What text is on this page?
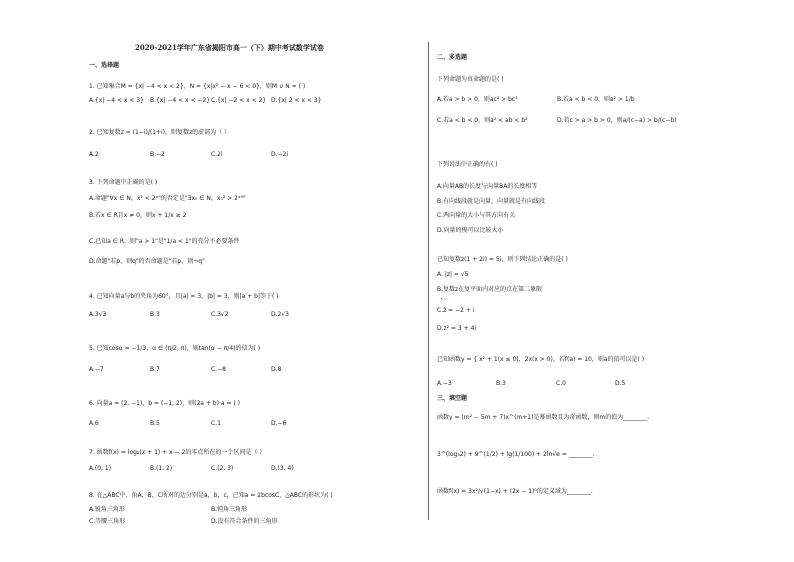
2020-2021学年广东省揭阳市高一（下）期中考试数学试卷
一、选择题
1. 已知集合M = {x| −4 < x < 2}，N = {x|x² − x − 6 < 0}，则M ∪ N = ( )
A.{x| −4 < x < 3} B.{x| −4 < x < −2} C.{x| −2 < x < 2} D.{x| 2 < x < 3}
2. 已知复数z = (1−i)/(1+i)，则复数z的虚部为（ ）
A.2	B.−2	C.2i	D.−2i
3. 下列命题中正确的是( )
A.命题"∀x ∈ N，x² < 2ˣ"的否定是"∃x₀ ∈ N，x₀² > 2ˣ⁰"
B.若x ∈ R且x ≠ 0，则x + 1/x ≥ 2
C.已知a ∈ R，则"a > 1"是"1/a < 1"的充分不必要条件
D.命题"若p，则q"的否命题是"若p，则¬q"
4. 已知向量a与b的夹角为60°，且|a| = 3，|b| = 3，则|a + b|等于( )
A.3√3	B.3	C.3√2	D.2√3
5. 已知cosα = −1/3，α ∈ (π/2, π)，则tan(α − π/4)的值为( )
A.−7	B.7	C.−8	D.8
6. 向量a = (2, −1)，b = (−1, 2)，则(2a + b)·a = ( )
A.6	B.5	C.1	D.−6
7. 函数f(x) = log₂(x + 1) + x − 2的零点所在的一个区间是（ ）
A.(0, 1)	B.(1, 2)	C.(2, 3)	D.(3, 4)
8. 在△ABC中，角A，B，C所对的边分别是a，b，c，已知a = 2bcosC，△ABC的形状为( )
A.锐角三角形	B.钝角三角形
C.等腰三角形	D.没有符合条件的三角形
二、多选题
下列命题为真命题的是( )
A.若a > b > 0，则ac² > bc²	B.若a < b < 0，则a² > 1/b
C.若a < b < 0，则a² < ab < b²	D.若c > a > b > 0，则a/(c−a) > b/(c−b)
下列说法中正确的有( )
A.向量AB的长度与向量BA的长度相等
B.有向线段就是向量，向量就是有向线段
C.两向量的大小与其方向有关
D.向量的模可以比较大小
已知复数z(1 + 2i) = 5i，则下列结论正确的是( )
A. |z| = √5
B.复数z在复平面内对应的点在第二象限
C.z̄ = −2 + i
D.z² = 3 + 4i
已知函数y = { x² + 1(x ≤ 0)，2x(x > 0)，若f(a) = 10，则a的值可以是( )
A.−3	B.3	C.0	D.5
三、填空题
函数y = (m² − 5m + 7)x^(m+1)是幂函数且为奇函数，则m的值为________.
3^(log₃2) + 9^(1/2) + lg(1/100) + 2ln√e = ________.
函数f(x) = 3x²/√(1−x) + (2x − 1)⁰的定义域为________.
